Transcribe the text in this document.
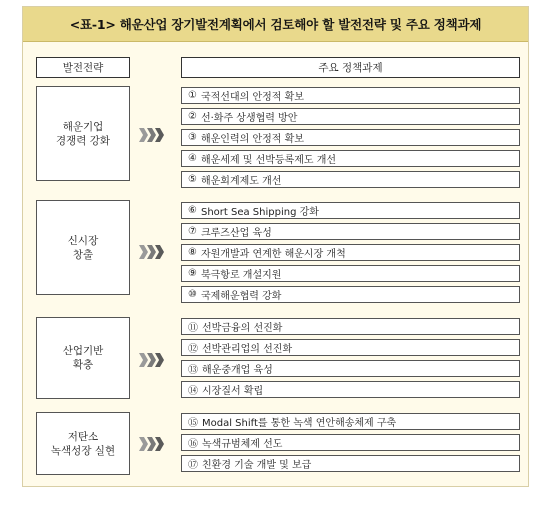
<표-1> 해운산업 장기발전계획에서 검토해야 할 발전전략 및 주요 정책과제
발전전략	주요 정책과제
해운기업
경쟁력 강화
① 국적선대의 안정적 확보
② 선·화주 상생협력 방안
③ 해운인력의 안정적 확보
④ 해운세제 및 선박등록제도 개선
⑤ 해운회계제도 개선
신시장
창출
⑥ Short Sea Shipping 강화
⑦ 크루즈산업 육성
⑧ 자원개발과 연계한 해운시장 개척
⑨ 북극항로 개설지원
⑩ 국제해운협력 강화
산업기반
확충
⑪ 선박금융의 선진화
⑫ 선박관리업의 선진화
⑬ 해운중개업 육성
⑭ 시장질서 확립
저탄소
녹색성장 실현
⑮ Modal Shift를 통한 녹색 연안해송체제 구축
⑯ 녹색규범체제 선도
⑰ 친환경 기술 개발 및 보급
